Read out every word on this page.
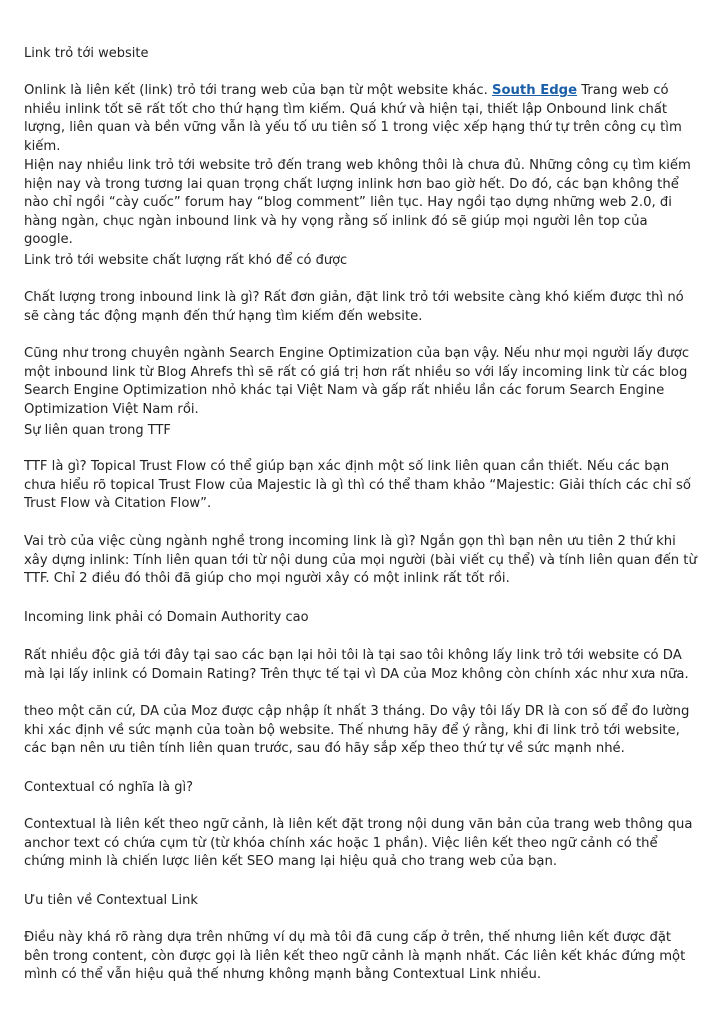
Link trỏ tới website

Onlink là liên kết (link) trỏ tới trang web của bạn từ một website khác. South Edge Trang web có nhiều inlink tốt sẽ rất tốt cho thứ hạng tìm kiếm. Quá khứ và hiện tại, thiết lập Onbound link chất lượng, liên quan và bền vững vẫn là yếu tố ưu tiên số 1 trong việc xếp hạng thứ tự trên công cụ tìm kiếm.

Hiện nay nhiều link trỏ tới website trỏ đến trang web không thôi là chưa đủ. Những công cụ tìm kiếm hiện nay và trong tương lai quan trọng chất lượng inlink hơn bao giờ hết. Do đó, các bạn không thể nào chỉ ngồi “cày cuốc” forum hay “blog comment” liên tục. Hay ngồi tạo dựng những web 2.0, đi hàng ngàn, chục ngàn inbound link và hy vọng rằng số inlink đó sẽ giúp mọi người lên top của google.

Link trỏ tới website chất lượng rất khó để có được

Chất lượng trong inbound link là gì? Rất đơn giản, đặt link trỏ tới website càng khó kiếm được thì nó sẽ càng tác động mạnh đến thứ hạng tìm kiếm đến website.

Cũng như trong chuyên ngành Search Engine Optimization của bạn vậy. Nếu như mọi người lấy được một inbound link từ Blog Ahrefs thì sẽ rất có giá trị hơn rất nhiều so với lấy incoming link từ các blog Search Engine Optimization nhỏ khác tại Việt Nam và gấp rất nhiều lần các forum Search Engine Optimization Việt Nam rồi.

Sự liên quan trong TTF

TTF là gì? Topical Trust Flow có thể giúp bạn xác định một số link liên quan cần thiết. Nếu các bạn chưa hiểu rõ topical Trust Flow của Majestic là gì thì có thể tham khảo “Majestic: Giải thích các chỉ số Trust Flow và Citation Flow”.

Vai trò của việc cùng ngành nghề trong incoming link là gì? Ngắn gọn thì bạn nên ưu tiên 2 thứ khi xây dựng inlink: Tính liên quan tới từ nội dung của mọi người (bài viết cụ thể) và tính liên quan đến từ TTF. Chỉ 2 điều đó thôi đã giúp cho mọi người xây có một inlink rất tốt rồi.

Incoming link phải có Domain Authority cao

Rất nhiều độc giả tới đây tại sao các bạn lại hỏi tôi là tại sao tôi không lấy link trỏ tới website có DA mà lại lấy inlink có Domain Rating? Trên thực tế tại vì DA của Moz không còn chính xác như xưa nữa.

theo một căn cứ, DA của Moz được cập nhập ít nhất 3 tháng. Do vậy tôi lấy DR là con số để đo lường khi xác định về sức mạnh của toàn bộ website. Thế nhưng hãy để ý rằng, khi đi link trỏ tới website, các bạn nên ưu tiên tính liên quan trước, sau đó hãy sắp xếp theo thứ tự về sức mạnh nhé.

Contextual có nghĩa là gì?

Contextual là liên kết theo ngữ cảnh, là liên kết đặt trong nội dung văn bản của trang web thông qua anchor text có chứa cụm từ (từ khóa chính xác hoặc 1 phần). Việc liên kết theo ngữ cảnh có thể chứng minh là chiến lược liên kết SEO mang lại hiệu quả cho trang web của bạn.

Ưu tiên về Contextual Link

Điều này khá rõ ràng dựa trên những ví dụ mà tôi đã cung cấp ở trên, thế nhưng liên kết được đặt bên trong content, còn được gọi là liên kết theo ngữ cảnh là mạnh nhất. Các liên kết khác đứng một mình có thể vẫn hiệu quả thế nhưng không mạnh bằng Contextual Link nhiều.
